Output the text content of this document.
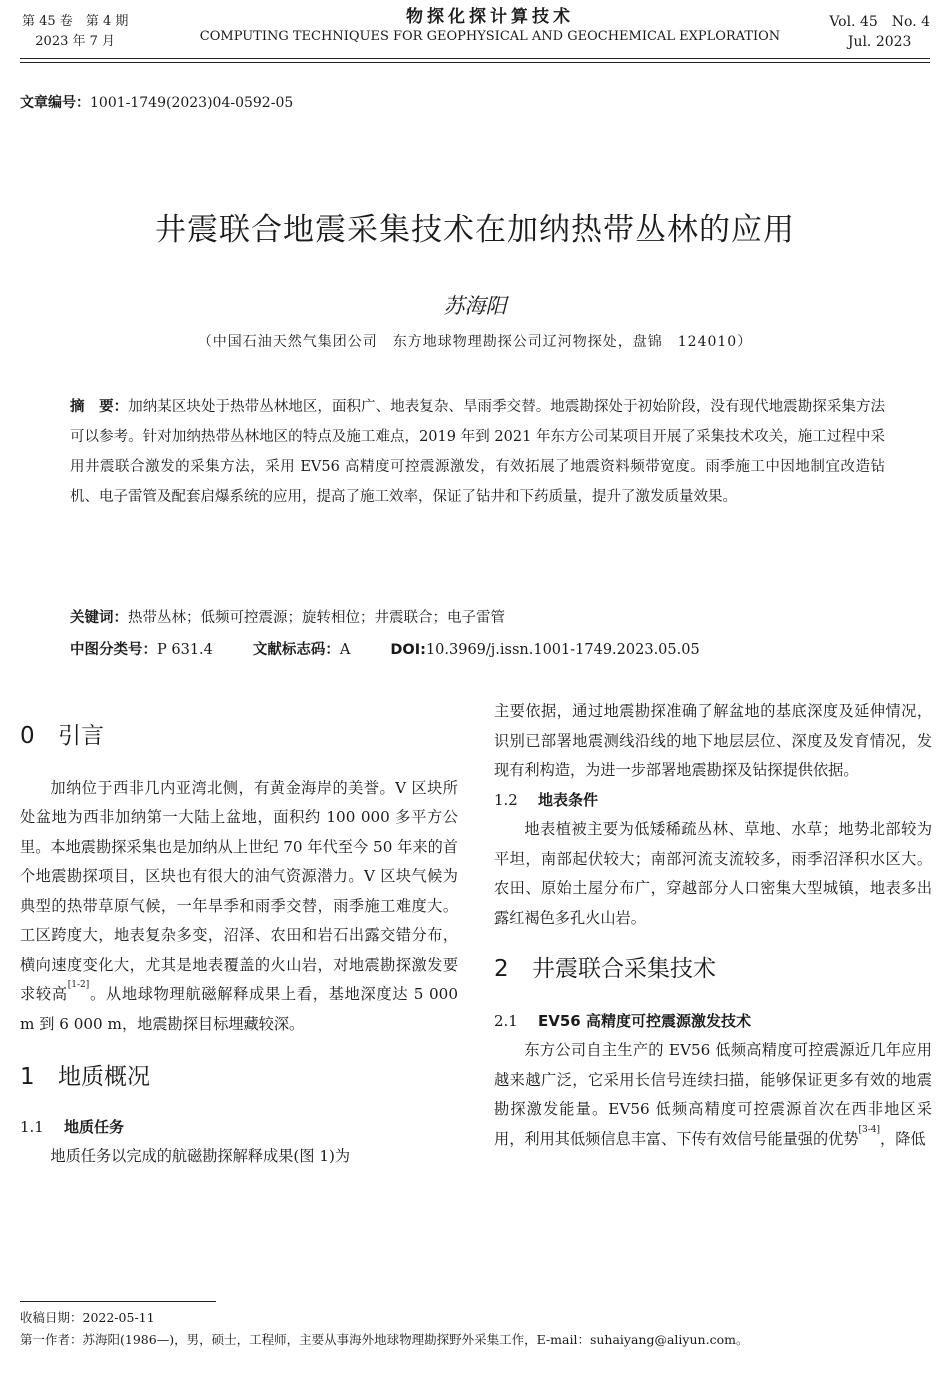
第 45 卷　第 4 期
2023 年 7 月
物探化探计算技术
COMPUTING TECHNIQUES FOR GEOPHYSICAL AND GEOCHEMICAL EXPLORATION
Vol. 45　No. 4
Jul. 2023
文章编号：1001-1749(2023)04-0592-05
井震联合地震采集技术在加纳热带丛林的应用
苏海阳
（中国石油天然气集团公司　东方地球物理勘探公司辽河物探处，盘锦　124010）
摘　要：加纳某区块处于热带丛林地区，面积广、地表复杂、旱雨季交替。地震勘探处于初始阶段，没有现代地震勘探采集方法可以参考。针对加纳热带丛林地区的特点及施工难点，2019 年到 2021 年东方公司某项目开展了采集技术攻关，施工过程中采用井震联合激发的采集方法，采用 EV56 高精度可控震源激发，有效拓展了地震资料频带宽度。雨季施工中因地制宜改造钻机、电子雷管及配套启爆系统的应用，提高了施工效率，保证了钻井和下药质量，提升了激发质量效果。
关键词：热带丛林；低频可控震源；旋转相位；井震联合；电子雷管
中图分类号：P 631.4	文献标志码：A	DOI:10.3969/j.issn.1001-1749.2023.05.05
0 引言

加纳位于西非几内亚湾北侧，有黄金海岸的美誉。V 区块所处盆地为西非加纳第一大陆上盆地，面积约 100 000 多平方公里。本地震勘探采集也是加纳从上世纪 70 年代至今 50 年来的首个地震勘探项目，区块也有很大的油气资源潜力。V 区块气候为典型的热带草原气候，一年旱季和雨季交替，雨季施工难度大。工区跨度大，地表复杂多变，沼泽、农田和岩石出露交错分布，横向速度变化大，尤其是地表覆盖的火山岩，对地震勘探激发要求较高[1-2]。从地球物理航磁解释成果上看，基地深度达 5 000 m 到 6 000 m，地震勘探目标埋藏较深。

1 地质概况
1.1 地质任务

地质任务以完成的航磁勘探解释成果(图 1)为

主要依据，通过地震勘探准确了解盆地的基底深度及延伸情况，识别已部署地震测线沿线的地下地层层位、深度及发育情况，发现有利构造，为进一步部署地震勘探及钻探提供依据。

1.2 地表条件

地表植被主要为低矮稀疏丛林、草地、水草；地势北部较为平坦，南部起伏较大；南部河流支流较多，雨季沼泽积水区大。农田、原始土屋分布广，穿越部分人口密集大型城镇，地表多出露红褐色多孔火山岩。

2 井震联合采集技术
2.1 EV56 高精度可控震源激发技术

东方公司自主生产的 EV56 低频高精度可控震源近几年应用越来越广泛，它采用长信号连续扫描，能够保证更多有效的地震勘探激发能量。EV56 低频高精度可控震源首次在西非地区采用，利用其低频信息丰富、下传有效信号能量强的优势[3-4]，降低

收稿日期：2022-05-11
第一作者：苏海阳(1986—)，男，硕士，工程师，主要从事海外地球物理勘探野外采集工作，E-mail：suhaiyang@aliyun.com。
